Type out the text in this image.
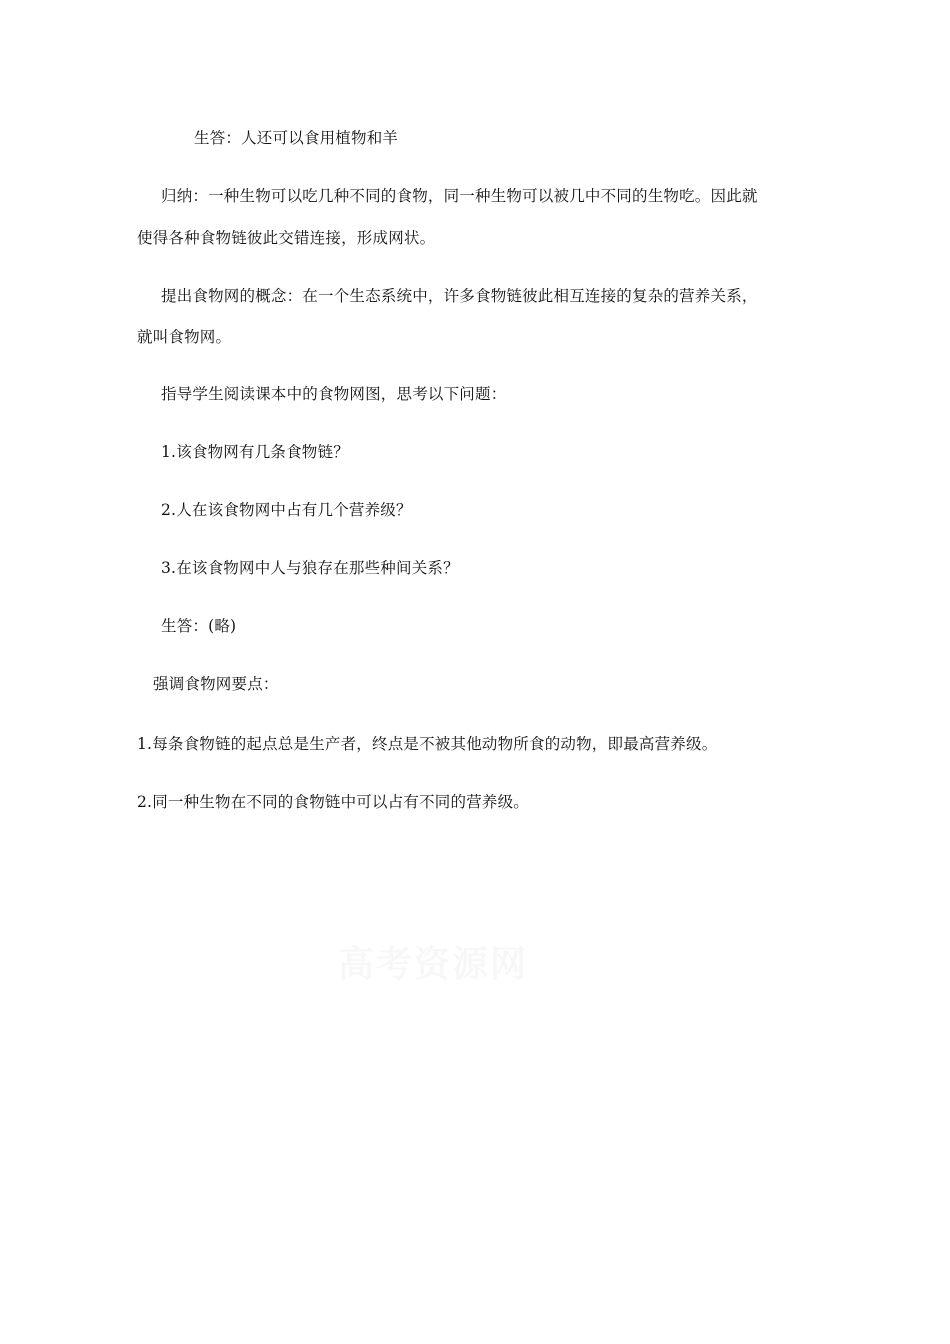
生答：人还可以食用植物和羊
归纳：一种生物可以吃几种不同的食物，同一种生物可以被几中不同的生物吃。因此就
使得各种食物链彼此交错连接，形成网状。
提出食物网的概念：在一个生态系统中，许多食物链彼此相互连接的复杂的营养关系，
就叫食物网。
指导学生阅读课本中的食物网图，思考以下问题：
1.该食物网有几条食物链？
2.人在该食物网中占有几个营养级？
3.在该食物网中人与狼存在那些种间关系？
生答：(略)
强调食物网要点：
1.每条食物链的起点总是生产者，终点是不被其他动物所食的动物，即最高营养级。
2.同一种生物在不同的食物链中可以占有不同的营养级。
高考资源网
